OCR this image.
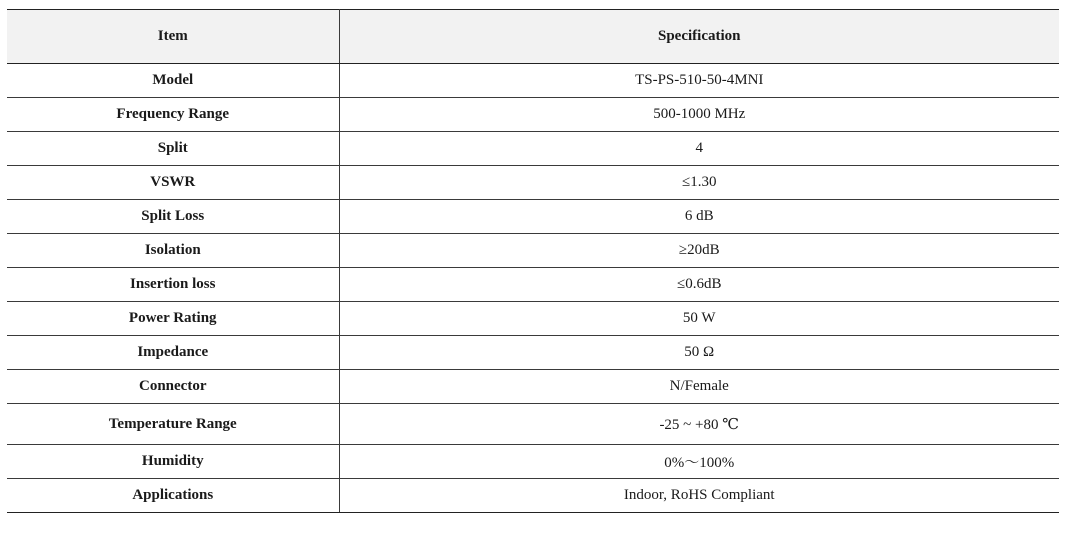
Item	Specification
Model	TS-PS-510-50-4MNI
Frequency Range	500-1000 MHz
Split	4
VSWR	≤1.30
Split Loss	6 dB
Isolation	≥20dB
Insertion loss	≤0.6dB
Power Rating	50 W
Impedance	50 Ω
Connector	N/Female
Temperature Range	-25 ~ +80 ℃
Humidity	0%～100%
Applications	Indoor, RoHS Compliant
